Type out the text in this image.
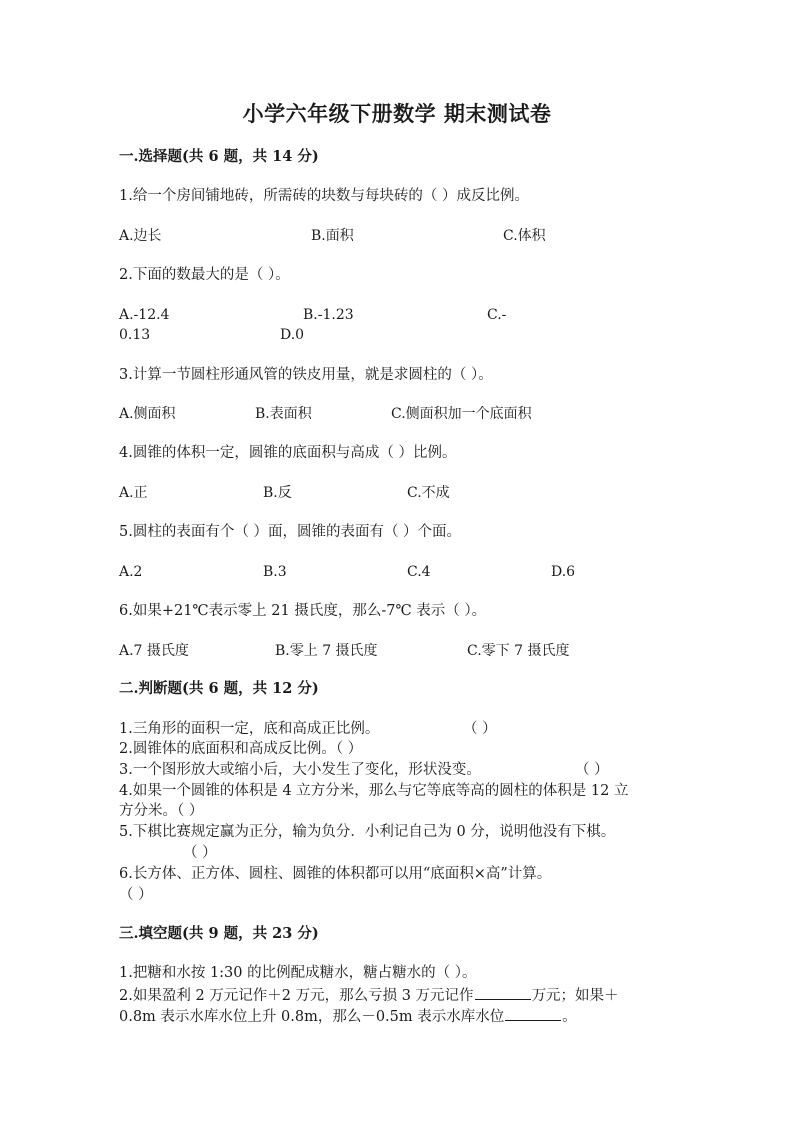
小学六年级下册数学 期末测试卷
一.选择题(共 6 题，共 14 分)
1.给一个房间铺地砖，所需砖的块数与每块砖的（ ）成反比例。
A.边长	B.面积	C.体积
2.下面的数最大的是（ ）。
A.-12.4	B.-1.23	C.-
0.13	D.0
3.计算一节圆柱形通风管的铁皮用量，就是求圆柱的（ ）。
A.侧面积	B.表面积	C.侧面积加一个底面积
4.圆锥的体积一定，圆锥的底面积与高成（ ）比例。
A.正	B.反	C.不成
5.圆柱的表面有个（ ）面，圆锥的表面有（ ）个面。
A.2	B.3	C.4	D.6
6.如果+21℃表示零上 21 摄氏度，那么-7℃ 表示（ ）。
A.7 摄氏度	B.零上 7 摄氏度	C.零下 7 摄氏度
二.判断题(共 6 题，共 12 分)
1.三角形的面积一定，底和高成正比例。	（ ）
2.圆锥体的底面积和高成反比例。（ ）
3.一个图形放大或缩小后，大小发生了变化，形状没变。	（ ）
4.如果一个圆锥的体积是 4 立方分米，那么与它等底等高的圆柱的体积是 12 立
方分米。（ ）
5.下棋比赛规定赢为正分，输为负分．小利记自己为 0 分，说明他没有下棋。
（ ）
6.长方体、正方体、圆柱、圆锥的体积都可以用“底面积×高”计算。
（ ）
三.填空题(共 9 题，共 23 分)
1.把糖和水按 1:30 的比例配成糖水，糖占糖水的（ ）。
2.如果盈利 2 万元记作＋2 万元，那么亏损 3 万元记作	万元；如果＋
0.8m 表示水库水位上升 0.8m，那么－0.5m 表示水库水位	。
